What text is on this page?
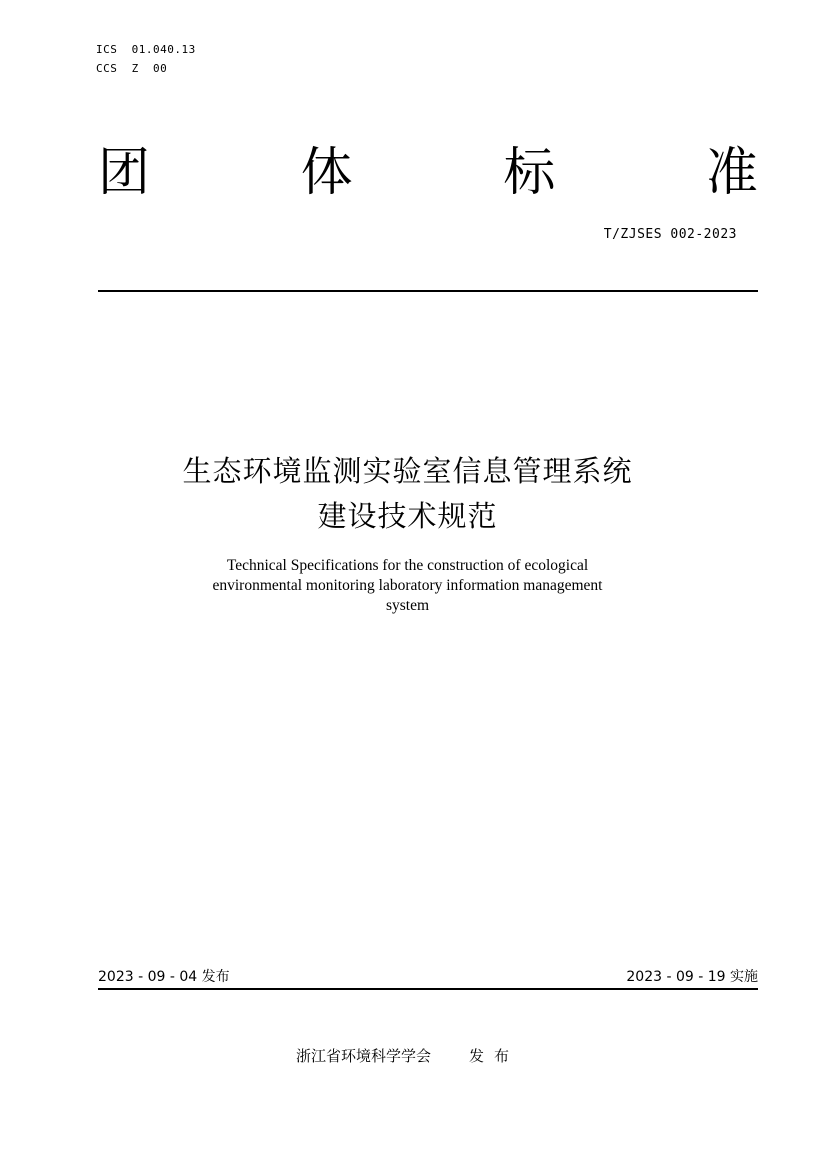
ICS  01.040.13
CCS  Z  00
团	体	标	准
T/ZJSES 002-2023
生态环境监测实验室信息管理系统
建设技术规范
Technical Specifications for the construction of ecological
environmental monitoring laboratory information management
system
2023 - 09 - 04 发布	2023 - 09 - 19 实施
浙江省环境科学学会	发布
